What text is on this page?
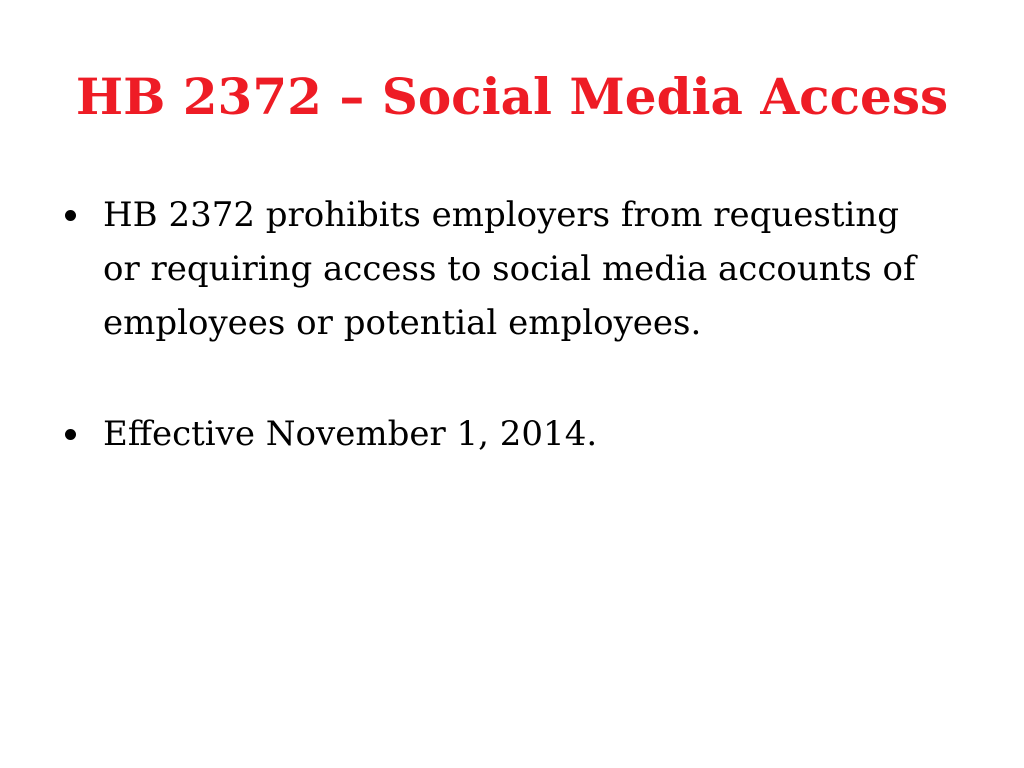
HB 2372 – Social Media Access
HB 2372 prohibits employers from requesting or requiring access to social media accounts of employees or potential employees.
Effective November 1, 2014.
